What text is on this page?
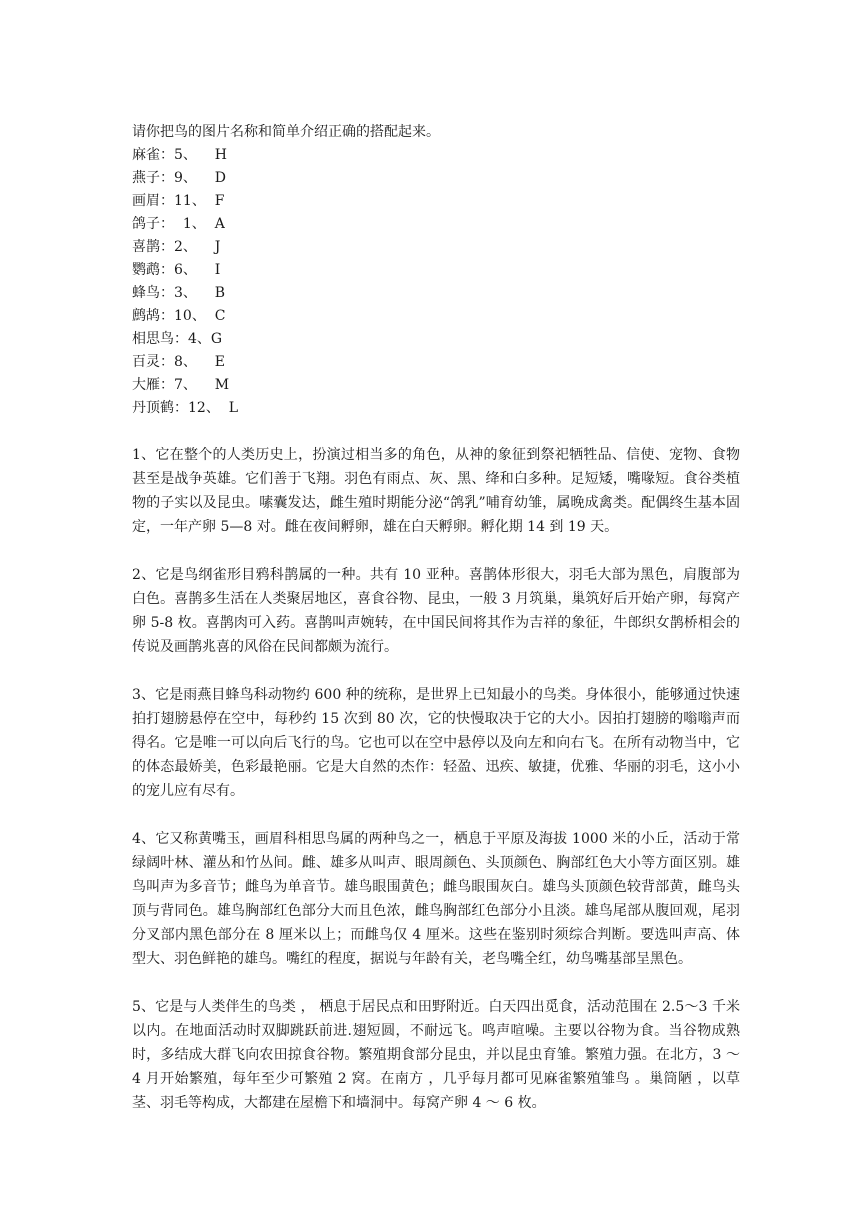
请你把鸟的图片名称和简单介绍正确的搭配起来。
麻雀：5、    H
燕子：9、    D
画眉：11、  F
鸽子：  1、  A
喜鹊：2、    J
鹦鹉：6、    I
蜂鸟：3、    B
鹧鸪：10、  C
相思鸟：4、G
百灵：8、    E
大雁：7、    M
丹顶鹤：12、  L

1、它在整个的人类历史上，扮演过相当多的角色，从神的象征到祭祀牺牲品、信使、宠物、食物甚至是战争英雄。它们善于飞翔。羽色有雨点、灰、黑、绛和白多种。足短矮，嘴喙短。食谷类植物的子实以及昆虫。嗉囊发达，雌生殖时期能分泌“鸽乳”哺育幼雏，属晚成禽类。配偶终生基本固定，一年产卵 5—8 对。雌在夜间孵卵，雄在白天孵卵。孵化期 14 到 19 天。

2、它是鸟纲雀形目鸦科鹊属的一种。共有 10 亚种。喜鹊体形很大，羽毛大部为黑色，肩腹部为白色。喜鹊多生活在人类聚居地区，喜食谷物、昆虫，一般 3 月筑巢，巢筑好后开始产卵，每窝产卵 5-8 枚。喜鹊肉可入药。喜鹊叫声婉转，在中国民间将其作为吉祥的象征，牛郎织女鹊桥相会的传说及画鹊兆喜的风俗在民间都颇为流行。

3、它是雨燕目蜂鸟科动物约 600 种的统称，是世界上已知最小的鸟类。身体很小，能够通过快速拍打翅膀悬停在空中，每秒约 15 次到 80 次，它的快慢取决于它的大小。因拍打翅膀的嗡嗡声而得名。它是唯一可以向后飞行的鸟。它也可以在空中悬停以及向左和向右飞。在所有动物当中，它的体态最娇美，色彩最艳丽。它是大自然的杰作：轻盈、迅疾、敏捷，优雅、华丽的羽毛，这小小的宠儿应有尽有。

4、它又称黄嘴玉，画眉科相思鸟属的两种鸟之一，栖息于平原及海拔 1000 米的小丘，活动于常绿阔叶林、灌丛和竹丛间。雌、雄多从叫声、眼周颜色、头顶颜色、胸部红色大小等方面区别。雄鸟叫声为多音节；雌鸟为单音节。雄鸟眼围黄色；雌鸟眼围灰白。雄鸟头顶颜色较背部黄，雌鸟头顶与背同色。雄鸟胸部红色部分大而且色浓，雌鸟胸部红色部分小且淡。雄鸟尾部从腹回观，尾羽分叉部内黑色部分在 8 厘米以上；而雌鸟仅 4 厘米。这些在鉴别时须综合判断。要选叫声高、体型大、羽色鲜艳的雄鸟。嘴红的程度，据说与年龄有关，老鸟嘴全红，幼鸟嘴基部呈黑色。

5、它是与人类伴生的鸟类 ， 栖息于居民点和田野附近。白天四出觅食，活动范围在 2.5～3 千米以内。在地面活动时双脚跳跃前进.翅短圆，不耐远飞。鸣声喧噪。主要以谷物为食。当谷物成熟时，多结成大群飞向农田掠食谷物。繁殖期食部分昆虫，并以昆虫育雏。繁殖力强。在北方，3 ～4 月开始繁殖，每年至少可繁殖 2 窝。在南方 ，几乎每月都可见麻雀繁殖雏鸟 。巢筒陋 ，以草茎、羽毛等构成，大都建在屋檐下和墙洞中。每窝产卵 4 ～ 6 枚。
